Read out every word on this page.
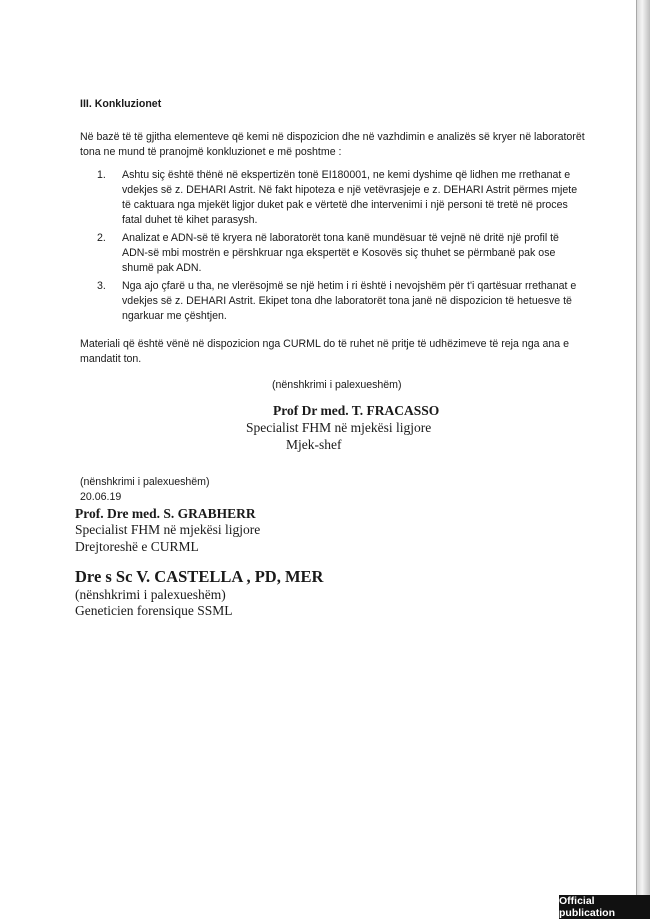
III. Konkluzionet

Në bazë të të gjitha elementeve që kemi në dispozicion dhe në vazhdimin e analizës së kryer në laboratorët tona ne mund të pranojmë konkluzionet e më poshtme :

1. Ashtu siç është thënë në ekspertizën tonë EI180001, ne kemi dyshime që lidhen me rrethanat e vdekjes së z. DEHARI Astrit. Në fakt hipoteza e një vetëvrasjeje e z. DEHARI Astrit përmes mjete të caktuara nga mjekët ligjor duket pak e vërtetë dhe intervenimi i një personi të tretë në proces fatal duhet të kihet parasysh.
2. Analizat e ADN-së të kryera në laboratorët tona kanë mundësuar të vejnë në dritë një profil të ADN-së mbi mostrën e përshkruar nga ekspertët e Kosovës siç thuhet se përmbanë pak ose shumë pak ADN.
3. Nga ajo çfarë u tha, ne vlerësojmë se një hetim i ri është i nevojshëm për t'i qartësuar rrethanat e vdekjes së z. DEHARI Astrit. Ekipet tona dhe laboratorët tona janë në dispozicion të hetuesve të ngarkuar me çështjen.

Materiali që është vënë në dispozicion nga CURML do të ruhet në pritje të udhëzimeve të reja nga ana e mandatit ton.

(nënshkrimi i palexueshëm)
Prof Dr med. T. FRACASSO
Specialist FHM në mjekësi ligjore
Mjek-shef
(nënshkrimi i palexueshëm)
20.06.19
Prof. Dre med. S. GRABHERR
Specialist FHM në mjekësi ligjore
Drejtoreshë e CURML
Dre s Sc V. CASTELLA , PD, MER
(nënshkrimi i palexueshëm)
Geneticien forensique SSML
Official publication
